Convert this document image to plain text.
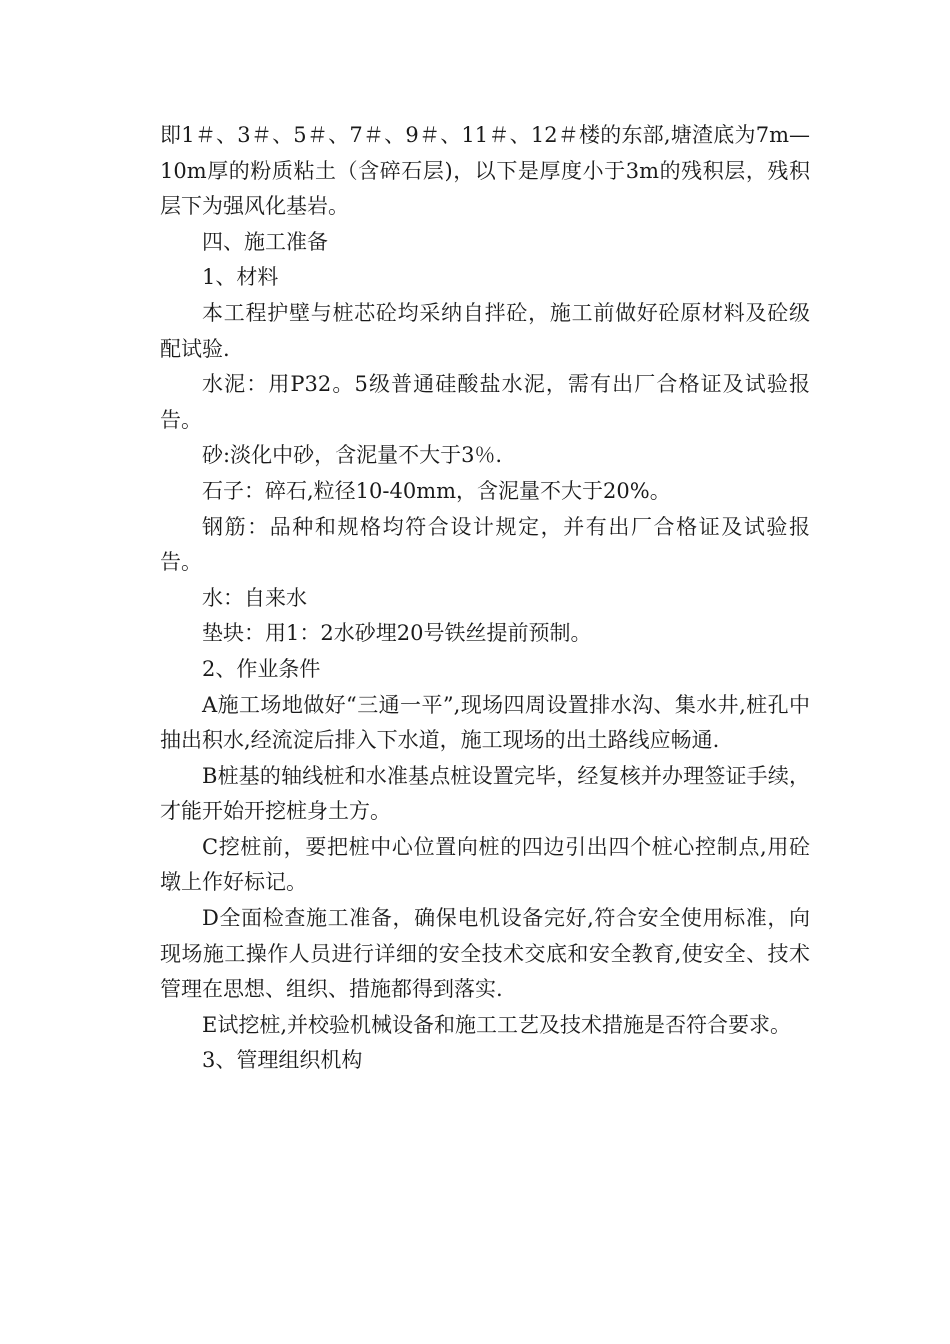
即1＃、3＃、5＃、7＃、9＃、11＃、12＃楼的东部,塘渣底为7m—10m厚的粉质粘土（含碎石层)，以下是厚度小于3m的残积层，残积层下为强风化基岩。

四、施工准备

1、材料

本工程护壁与桩芯砼均采纳自拌砼，施工前做好砼原材料及砼级配试验.

水泥：用P32。5级普通硅酸盐水泥，需有出厂合格证及试验报告。

砂:淡化中砂，含泥量不大于3％.

石子：碎石,粒径10-40mm，含泥量不大于20%。

钢筋：品种和规格均符合设计规定，并有出厂合格证及试验报告。

水：自来水

垫块：用1：2水砂埋20号铁丝提前预制。

2、作业条件

A施工场地做好“三通一平”,现场四周设置排水沟、集水井,桩孔中抽出积水,经流淀后排入下水道，施工现场的出土路线应畅通.

B桩基的轴线桩和水准基点桩设置完毕，经复核并办理签证手续，才能开始开挖桩身土方。

C挖桩前，要把桩中心位置向桩的四边引出四个桩心控制点,用砼墩上作好标记。

D全面检查施工准备，确保电机设备完好,符合安全使用标准，向现场施工操作人员进行详细的安全技术交底和安全教育,使安全、技术管理在思想、组织、措施都得到落实.

E试挖桩,并校验机械设备和施工工艺及技术措施是否符合要求。

3、管理组织机构
